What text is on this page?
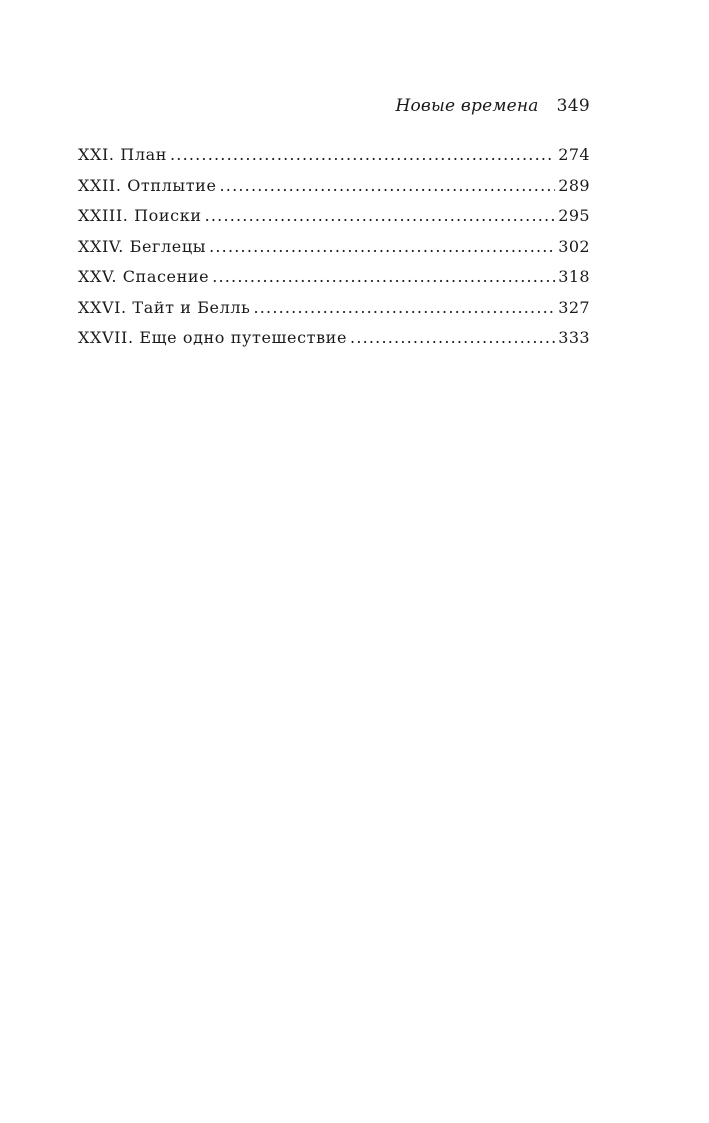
Новые времена 349
XXI. План .....	274
XXII. Отплытие .....	289
XXIII. Поиски .....	295
XXIV. Беглецы .....	302
XXV. Спасение .....	318
XXVI. Тайт и Белль .....	327
XXVII. Еще одно путешествие .....	333
